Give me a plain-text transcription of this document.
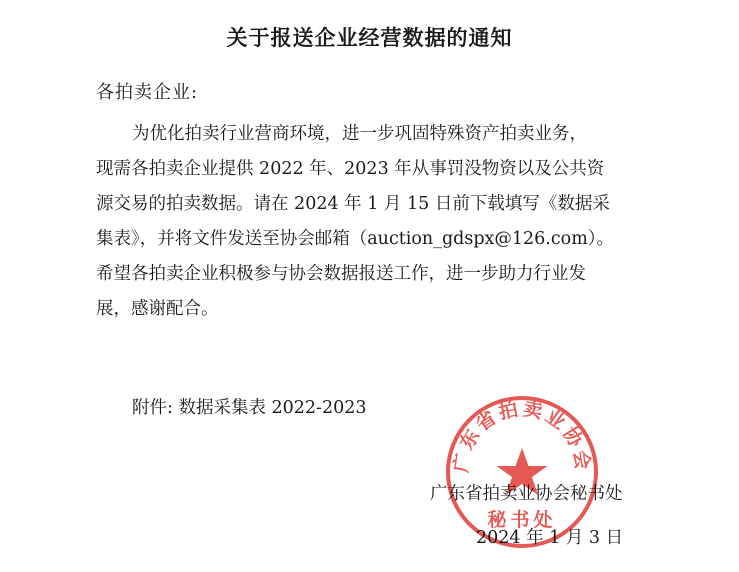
关于报送企业经营数据的通知
各拍卖企业:
为优化拍卖行业营商环境，进一步巩固特殊资产拍卖业务，
现需各拍卖企业提供 2022 年、2023 年从事罚没物资以及公共资
源交易的拍卖数据。请在 2024 年 1 月 15 日前下载填写《数据采
集表》，并将文件发送至协会邮箱（auction_gdspx@126.com）。
希望各拍卖企业积极参与协会数据报送工作，进一步助力行业发
展，感谢配合。
附件: 数据采集表 2022-2023
广东省拍卖业协会秘书处
2024 年 1 月 3 日
广东省拍卖业协会
秘书处
